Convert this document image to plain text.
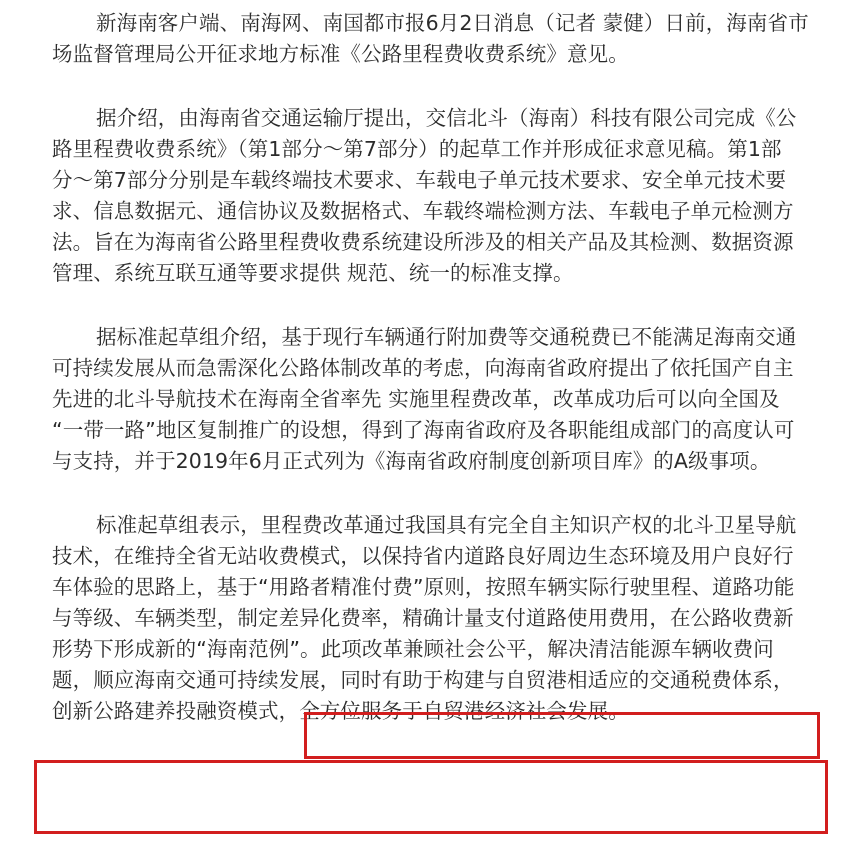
新海南客户端、南海网、南国都市报6月2日消息（记者 蒙健）日前，海南省市
场监督管理局公开征求地方标准《公路里程费收费系统》意见。
据介绍，由海南省交通运输厅提出，交信北斗（海南）科技有限公司完成《公
路里程费收费系统》（第1部分～第7部分）的起草工作并形成征求意见稿。第1部
分～第7部分分别是车载终端技术要求、车载电子单元技术要求、安全单元技术要
求、信息数据元、通信协议及数据格式、车载终端检测方法、车载电子单元检测方
法。旨在为海南省公路里程费收费系统建设所涉及的相关产品及其检测、数据资源
管理、系统互联互通等要求提供 规范、统一的标准支撑。
据标准起草组介绍，基于现行车辆通行附加费等交通税费已不能满足海南交通
可持续发展从而急需深化公路体制改革的考虑，向海南省政府提出了依托国产自主
先进的北斗导航技术在海南全省率先 实施里程费改革，改革成功后可以向全国及
“一带一路”地区复制推广的设想，得到了海南省政府及各职能组成部门的高度认可
与支持，并于2019年6月正式列为《海南省政府制度创新项目库》的A级事项。
标准起草组表示，里程费改革通过我国具有完全自主知识产权的北斗卫星导航
技术，在维持全省无站收费模式，以保持省内道路良好周边生态环境及用户良好行
车体验的思路上，基于“用路者精准付费”原则，按照车辆实际行驶里程、道路功能
与等级、车辆类型，制定差异化费率，精确计量支付道路使用费用，在公路收费新
形势下形成新的“海南范例”。此项改革兼顾社会公平，解决清洁能源车辆收费问
题，顺应海南交通可持续发展，同时有助于构建与自贸港相适应的交通税费体系，
创新公路建养投融资模式，全方位服务于自贸港经济社会发展。
